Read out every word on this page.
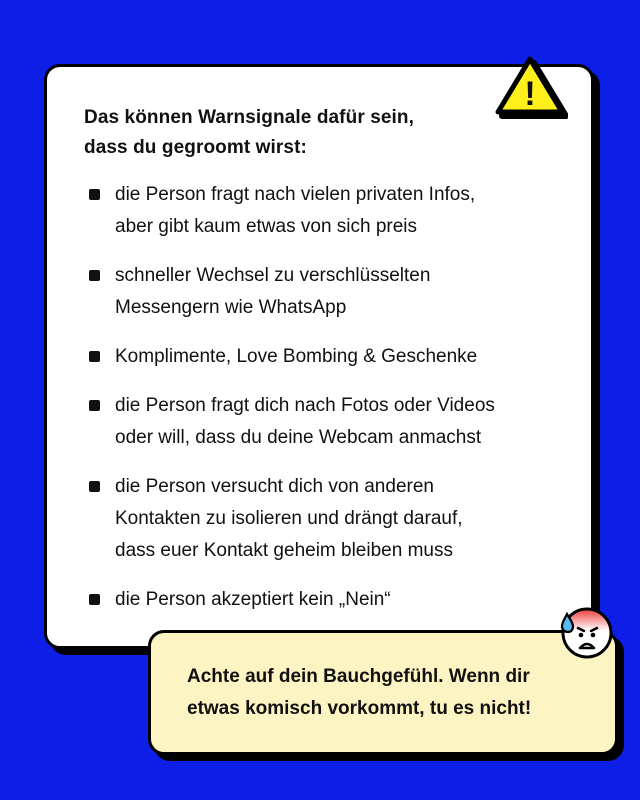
Das können Warnsignale dafür sein,
dass du gegroomt wirst:

die Person fragt nach vielen privaten Infos,
aber gibt kaum etwas von sich preis
schneller Wechsel zu verschlüsselten
Messengern wie WhatsApp
Komplimente, Love Bombing & Geschenke
die Person fragt dich nach Fotos oder Videos
oder will, dass du deine Webcam anmachst
die Person versucht dich von anderen
Kontakten zu isolieren und drängt darauf,
dass euer Kontakt geheim bleiben muss
die Person akzeptiert kein „Nein“
!

Achte auf dein Bauchgefühl. Wenn dir
etwas komisch vorkommt, tu es nicht!
